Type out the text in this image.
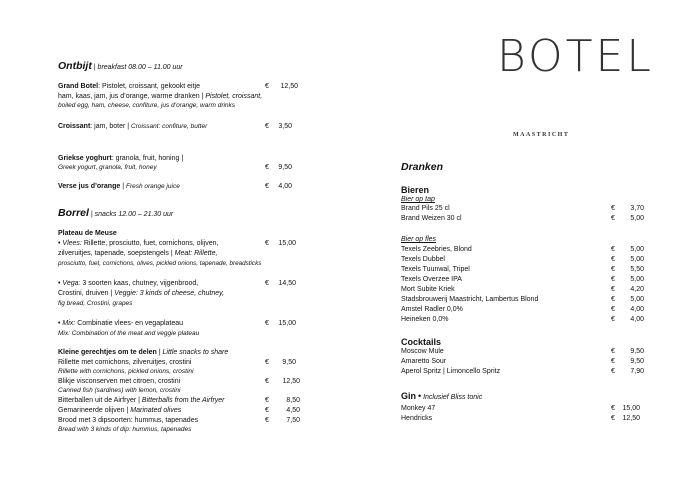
BOTEL
MAASTRICHT
Ontbijt | breakfast 08.00 – 11.00 uur
Grand Botel: Pistolet, croissant, gekookt eitje
ham, kaas, jam, jus d’orange, warme dranken | Pistolet, croissant,
boiled egg, ham, cheese, confiture, jus d’orange, warm drinks
€	12,50
Croissant: jam, boter | Croissant: confiture, butter	€	3,50
Griekse yoghurt: granola, fruit, honing |
Greek yogurt, granola, fruit, honey	€	9,50
Verse jus d’orange | Fresh orange juice	€	4,00
Borrel | snacks 12.00 – 21.30 uur
Plateau de Meuse
• Vlees: Rillette, prosciutto, fuet, cornichons, olijven,
zilveruitjes, tapenade, soepstengels | Meat: Rillette,
prosciutto, fuet, cornichons, olives, pickled onions, tapenade, breadsticks
€	15,00
• Vega: 3 soorten kaas, chutney, vijgenbrood,
Crostini, druiven | Veggie: 3 kinds of cheese, chutney,
fig bread, Crostini, grapes
€	14,50
• Mix: Combinatie vlees- en vegaplateau
Mix: Combination of the meat and veggie plateau
€	15,00
Kleine gerechtjes om te delen | Little snacks to share
Rillette met cornichons, zilveruitjes, crostini
Rillette with cornichons, pickled onions, crostini
€	9,50
Blikje visconserven met citroen, crostini
Canned fish (sardines) with lemon, crostini
€	12,50
Bitterballen uit de Airfryer | Bitterballs from the Airfryer	€	8,50
Gemarineerde olijven | Marinated olives	€	4,50
Brood met 3 dipsoorten: hummus, tapenades
Bread with 3 kinds of dip: hummus, tapenades
€	7,50
Dranken
Bieren
Bier op tap
Brand Pils 25 cl	€	3,70
Brand Weizen 30 cl	€	5,00
Bier op fles
Texels Zeebries, Blond	€	5,00
Texels Dubbel	€	5,00
Texels Tuunwal, Tripel	€	5,50
Texels Overzee IPA	€	5,00
Mort Subite Kriek	€	4,20
Stadsbrouwerij Maastricht, Lambertus Blond	€	5,00
Amstel Radler 0,0%	€	4,00
Heineken 0,0%	€	4,00
Cocktails
Moscow Mule	€	9,50
Amaretto Sour	€	9,50
Aperol Spritz | Limoncello Spritz	€	7,90
Gin • Inclusief Bliss tonic
Monkey 47	€	15,00
Hendricks	€	12,50
